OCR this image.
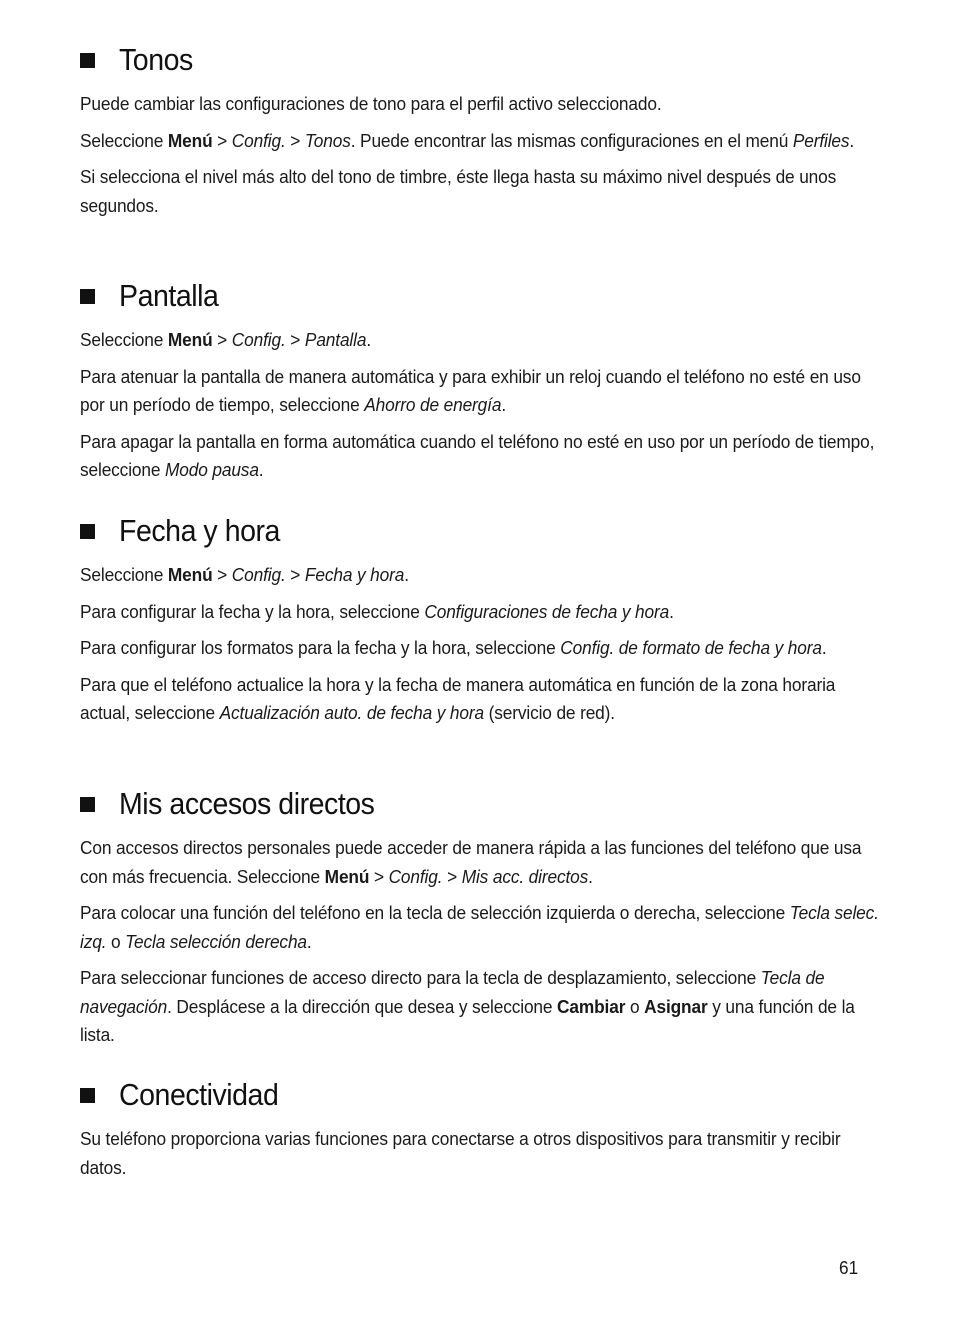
Tonos

Puede cambiar las configuraciones de tono para el perfil activo seleccionado.

Seleccione Menú > Config. > Tonos. Puede encontrar las mismas configuraciones en el menú Perfiles.

Si selecciona el nivel más alto del tono de timbre, éste llega hasta su máximo nivel después de unos segundos.

Pantalla

Seleccione Menú > Config. > Pantalla.

Para atenuar la pantalla de manera automática y para exhibir un reloj cuando el teléfono no esté en uso por un período de tiempo, seleccione Ahorro de energía.

Para apagar la pantalla en forma automática cuando el teléfono no esté en uso por un período de tiempo, seleccione Modo pausa.

Fecha y hora

Seleccione Menú > Config. > Fecha y hora.

Para configurar la fecha y la hora, seleccione Configuraciones de fecha y hora.

Para configurar los formatos para la fecha y la hora, seleccione Config. de formato de fecha y hora.

Para que el teléfono actualice la hora y la fecha de manera automática en función de la zona horaria actual, seleccione Actualización auto. de fecha y hora (servicio de red).

Mis accesos directos

Con accesos directos personales puede acceder de manera rápida a las funciones del teléfono que usa con más frecuencia. Seleccione Menú > Config. > Mis acc. directos.

Para colocar una función del teléfono en la tecla de selección izquierda o derecha, seleccione Tecla selec. izq. o Tecla selección derecha.

Para seleccionar funciones de acceso directo para la tecla de desplazamiento, seleccione Tecla de navegación. Desplácese a la dirección que desea y seleccione Cambiar o Asignar y una función de la lista.

Conectividad

Su teléfono proporciona varias funciones para conectarse a otros dispositivos para transmitir y recibir datos.

61
